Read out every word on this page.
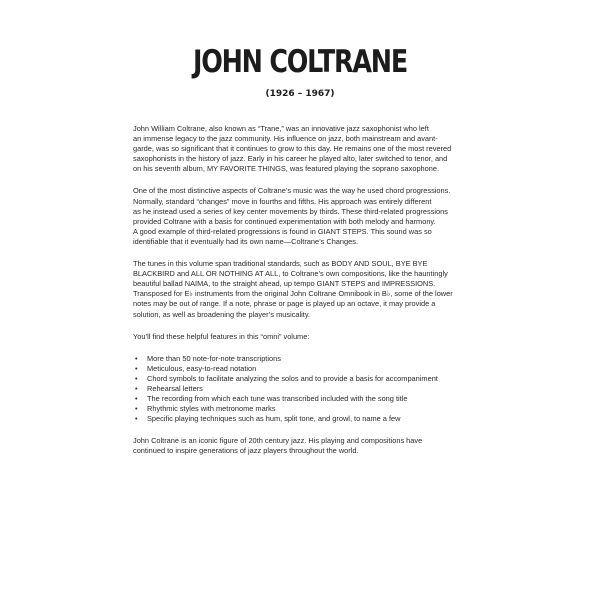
JOHN COLTRANE
(1926 – 1967)

John William Coltrane, also known as “Trane,” was an innovative jazz saxophonist who left
an immense legacy to the jazz community. His influence on jazz, both mainstream and avant-
garde, was so significant that it continues to grow to this day. He remains one of the most revered
saxophonists in the history of jazz. Early in his career he played alto, later switched to tenor, and
on his seventh album, MY FAVORITE THINGS, was featured playing the soprano saxophone.

One of the most distinctive aspects of Coltrane’s music was the way he used chord progressions.
Normally, standard “changes” move in fourths and fifths. His approach was entirely different
as he instead used a series of key center movements by thirds. These third-related progressions
provided Coltrane with a basis for continued experimentation with both melody and harmony.
A good example of third-related progressions is found in GIANT STEPS. This sound was so
identifiable that it eventually had its own name—Coltrane’s Changes.

The tunes in this volume span traditional standards, such as BODY AND SOUL, BYE BYE
BLACKBIRD and ALL OR NOTHING AT ALL, to Coltrane’s own compositions, like the hauntingly
beautiful ballad NAIMA, to the straight ahead, up tempo GIANT STEPS and IMPRESSIONS.
Transposed for E♭ instruments from the original John Coltrane Omnibook in B♭, some of the lower
notes may be out of range. If a note, phrase or page is played up an octave, it may provide a
solution, as well as broadening the player’s musicality.

You’ll find these helpful features in this “omni” volume:

• More than 50 note-for-note transcriptions
• Meticulous, easy-to-read notation
• Chord symbols to facilitate analyzing the solos and to provide a basis for accompaniment
• Rehearsal letters
• The recording from which each tune was transcribed included with the song title
• Rhythmic styles with metronome marks
• Specific playing techniques such as hum, split tone, and growl, to name a few

John Coltrane is an iconic figure of 20th century jazz. His playing and compositions have
continued to inspire generations of jazz players throughout the world.
